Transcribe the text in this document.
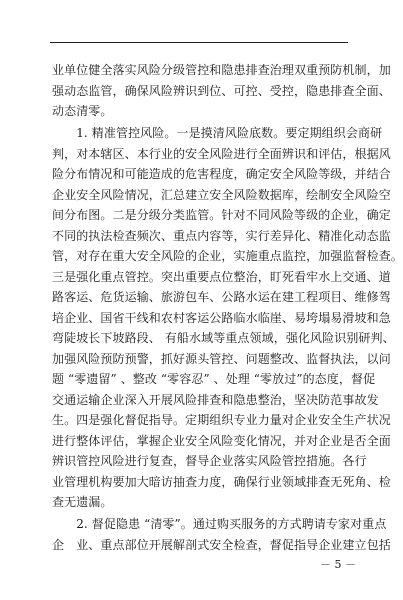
业单位健全落实风险分级管控和隐患排查治理双重预防机制，加
强动态监管，确保风险辨识到位、可控、受控，隐患排查全面、
动态清零。
　　1. 精准管控风险。一是摸清风险底数。要定期组织会商研
判，对本辖区、本行业的安全风险进行全面辨识和评估，根据风
险分布情况和可能造成的危害程度，确定安全风险等级，并结合
企业安全风险情况，汇总建立安全风险数据库，绘制安全风险空
间分布图。二是分级分类监管。针对不同风险等级的企业，确定
不同的执法检查频次、重点内容等，实行差异化、精准化动态监
管，对存在重大安全风险的企业，实施重点监控，加强监督检查。
三是强化重点管控。突出重要点位整治，盯死看牢水上交通、道
路客运、危货运输、旅游包车、公路水运在建工程项目、维修驾
培企业、国省干线和农村客运公路临水临崖、易垮塌易滑坡和急
弯陡坡长下坡路段、 有船水域等重点领域，强化风险识别研判、
加强风险预防预警，抓好源头管控、问题整改、监督执法，以问
题 “零遗留” 、整改 “零容忍” 、处理 “零放过”的态度，督促
交通运输企业深入开展风险排查和隐患整治，坚决防范事故发
生。四是强化督促指导。定期组织专业力量对企业安全生产状况
进行整体评估，掌握企业安全风险变化情况，并对企业是否全面
辨识管控风险进行复查，督导企业落实风险管控措施。各行
业管理机构要加大暗访抽查力度，确保行业领域排查无死角、检
查无遗漏。
　　2. 督促隐患 “清零”。通过购买服务的方式聘请专家对重点
企　业、重点部位开展解剖式安全检查，督促指导企业建立包括
－ 5 －
